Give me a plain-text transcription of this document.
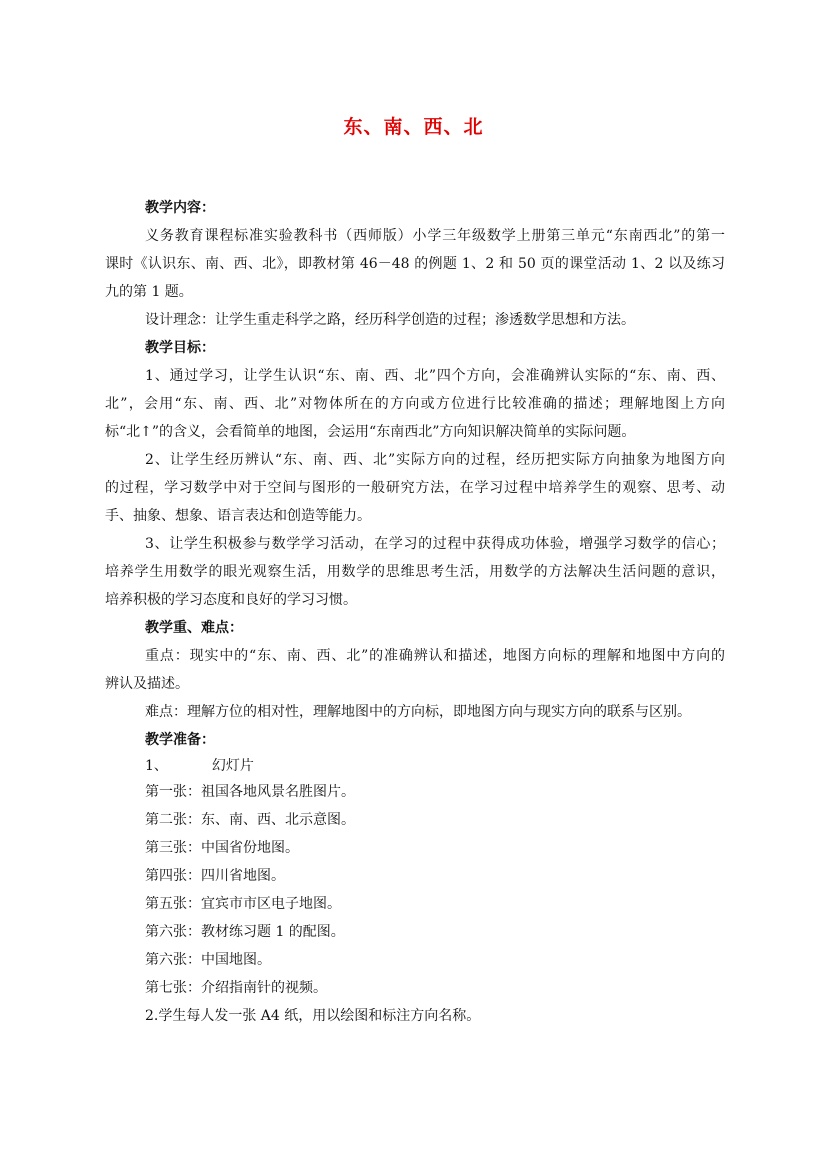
东、南、西、北
教学内容：
义务教育课程标准实验教科书（西师版）小学三年级数学上册第三单元“东南西北”的第一
课时《认识东、南、西、北》，即教材第 46－48 的例题 1、2 和 50 页的课堂活动 1、2 以及练习
九的第 1 题。
设计理念：让学生重走科学之路，经历科学创造的过程；渗透数学思想和方法。
教学目标：
1、通过学习，让学生认识“东、南、西、北”四个方向，会准确辨认实际的“东、南、西、
北”，会用“东、南、西、北”对物体所在的方向或方位进行比较准确的描述；理解地图上方向
标“北↑”的含义，会看简单的地图，会运用“东南西北”方向知识解决简单的实际问题。
2、让学生经历辨认“东、南、西、北”实际方向的过程，经历把实际方向抽象为地图方向
的过程，学习数学中对于空间与图形的一般研究方法，在学习过程中培养学生的观察、思考、动
手、抽象、想象、语言表达和创造等能力。
3、让学生积极参与数学学习活动，在学习的过程中获得成功体验，增强学习数学的信心；
培养学生用数学的眼光观察生活，用数学的思维思考生活，用数学的方法解决生活问题的意识，
培养积极的学习态度和良好的学习习惯。
教学重、难点：
重点：现实中的“东、南、西、北”的准确辨认和描述，地图方向标的理解和地图中方向的
辨认及描述。
难点：理解方位的相对性，理解地图中的方向标，即地图方向与现实方向的联系与区别。
教学准备：
1、	幻灯片
第一张：祖国各地风景名胜图片。
第二张：东、南、西、北示意图。
第三张：中国省份地图。
第四张：四川省地图。
第五张：宜宾市市区电子地图。
第六张：教材练习题 1 的配图。
第六张：中国地图。
第七张：介绍指南针的视频。
2.学生每人发一张 A4 纸，用以绘图和标注方向名称。
